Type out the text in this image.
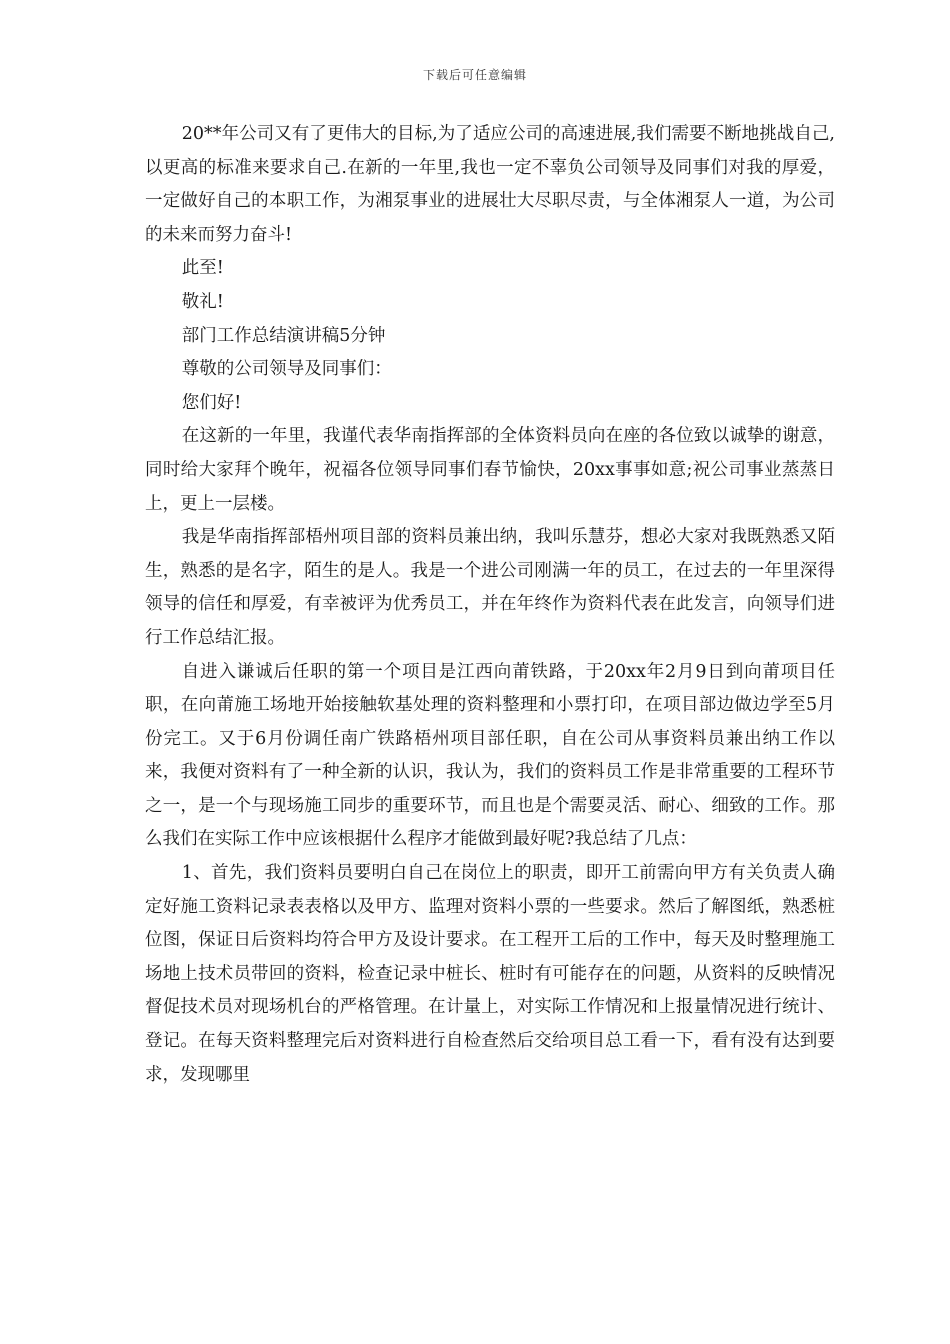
下载后可任意编辑

20**年公司又有了更伟大的目标,为了适应公司的高速进展,我们需要不断地挑战自己,以更高的标准来要求自己.在新的一年里,我也一定不辜负公司领导及同事们对我的厚爱，一定做好自己的本职工作，为湘泵事业的进展壮大尽职尽责，与全体湘泵人一道，为公司的未来而努力奋斗!

此至!

敬礼!

部门工作总结演讲稿5分钟

尊敬的公司领导及同事们：

您们好!

在这新的一年里，我谨代表华南指挥部的全体资料员向在座的各位致以诚挚的谢意，同时给大家拜个晚年，祝福各位领导同事们春节愉快，20xx事事如意;祝公司事业蒸蒸日上，更上一层楼。

我是华南指挥部梧州项目部的资料员兼出纳，我叫乐慧芬，想必大家对我既熟悉又陌生，熟悉的是名字，陌生的是人。我是一个进公司刚满一年的员工，在过去的一年里深得领导的信任和厚爱，有幸被评为优秀员工，并在年终作为资料代表在此发言，向领导们进行工作总结汇报。

自进入谦诚后任职的第一个项目是江西向莆铁路，于20xx年2月9日到向莆项目任职，在向莆施工场地开始接触软基处理的资料整理和小票打印，在项目部边做边学至5月份完工。又于6月份调任南广铁路梧州项目部任职，自在公司从事资料员兼出纳工作以来，我便对资料有了一种全新的认识，我认为，我们的资料员工作是非常重要的工程环节之一，是一个与现场施工同步的重要环节，而且也是个需要灵活、耐心、细致的工作。那么我们在实际工作中应该根据什么程序才能做到最好呢?我总结了几点：

1、首先，我们资料员要明白自己在岗位上的职责，即开工前需向甲方有关负责人确定好施工资料记录表表格以及甲方、监理对资料小票的一些要求。然后了解图纸，熟悉桩位图，保证日后资料均符合甲方及设计要求。在工程开工后的工作中，每天及时整理施工场地上技术员带回的资料，检查记录中桩长、桩时有可能存在的问题，从资料的反映情况督促技术员对现场机台的严格管理。在计量上，对实际工作情况和上报量情况进行统计、登记。在每天资料整理完后对资料进行自检查然后交给项目总工看一下，看有没有达到要求，发现哪里
